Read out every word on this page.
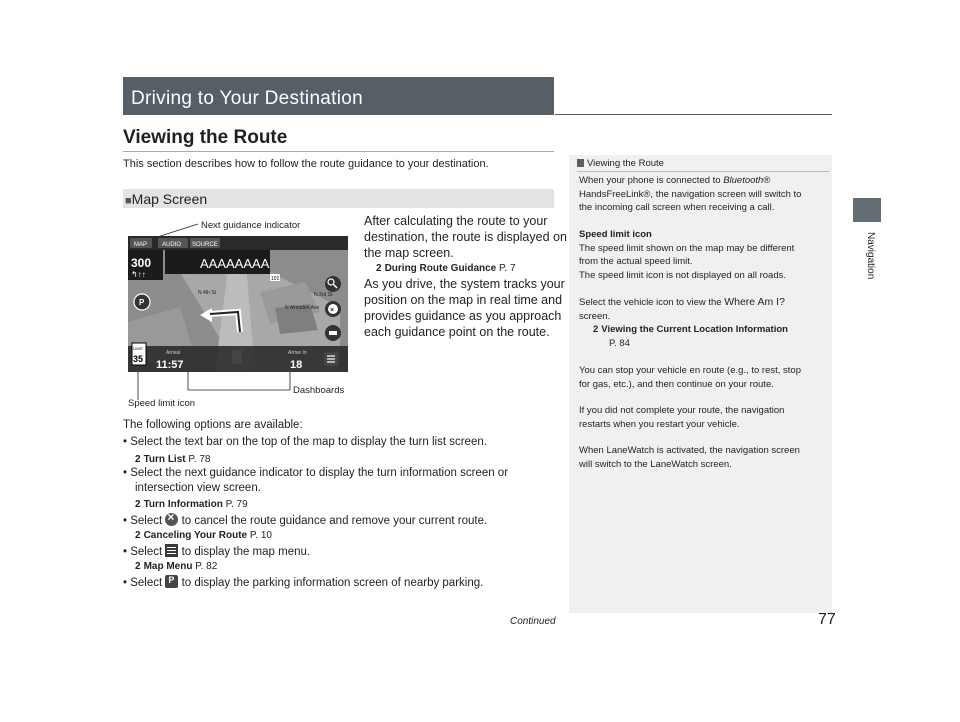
Driving to Your Destination
Navigation
Viewing the Route
This section describes how to follow the route guidance to your destination.
■Map Screen
After calculating the route to your
destination, the route is displayed on
the map screen.
2 During Route Guidance P. 7
As you drive, the system tracks your
position on the map in real time and
provides guidance as you approach
each guidance point on the route.
MAP AUDIO SOURCE
300
↰↑↑
AAAAAAAA
101
N 4th St	N 3rd St
N Almaden Ave
P
×
LIMIT
35
Arrival
11:57
Arrive In
18
Next guidance indicator
Speed limit icon
Dashboards
The following options are available:
• Select the text bar on the top of the map to display the turn list screen.
2 Turn List P. 78
• Select the next guidance indicator to display the turn information screen or
intersection view screen.
2 Turn Information P. 79
• Select × to cancel the route guidance and remove your current route.
2 Canceling Your Route P. 10
• Select  to display the map menu.
2 Map Menu P. 82
• Select P to display the parking information screen of nearby parking.
Viewing the Route
When your phone is connected to Bluetooth®
HandsFreeLink®, the navigation screen will switch to
the incoming call screen when receiving a call.
Speed limit icon
The speed limit shown on the map may be different
from the actual speed limit.
The speed limit icon is not displayed on all roads.
Select the vehicle icon to view the Where Am I?
screen.
2 Viewing the Current Location Information
P. 84
You can stop your vehicle en route (e.g., to rest, stop
for gas, etc.), and then continue on your route.
If you did not complete your route, the navigation
restarts when you restart your vehicle.
When LaneWatch is activated, the navigation screen
will switch to the LaneWatch screen.
Continued	77
